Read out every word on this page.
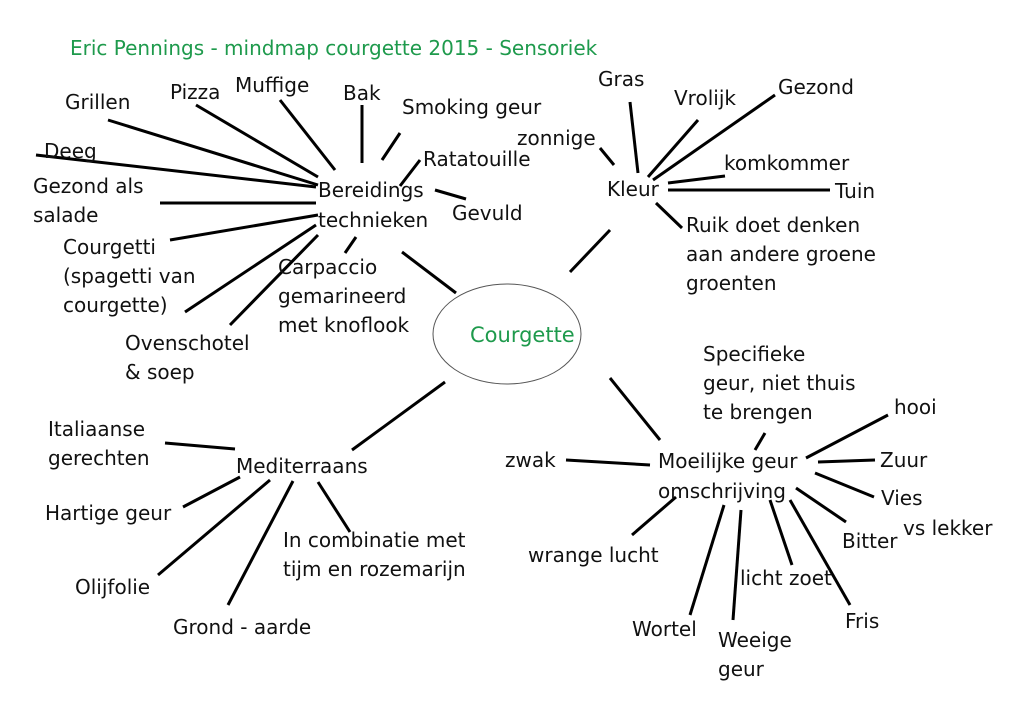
Eric Pennings - mindmap courgette 2015 - Sensoriek
Courgette
Bereidings
technieken
Grillen Pizza Muffige Bak
Smoking geur
Deeg	Ratatouille
Gezond als
salade	Gevuld
Courgetti
(spagetti van
courgette)
Carpaccio
gemarineerd
met knoflook
Ovenschotel
& soep
Kleur
Gras
Vrolijk Gezond
zonnige
komkommer
Tuin
Ruik doet denken
aan andere groene
groenten
Mediterraans
Italiaanse
gerechten
Hartige geur
Olijfolie
Grond - aarde
In combinatie met
tijm en rozemarijn
Moeilijke geur
omschrijving
Specifieke
geur, niet thuis
te brengen	hooi
zwak	Zuur
Vies
vs lekker
Bitter
wrange lucht
licht zoet
Fris
Wortel Weeige
geur
